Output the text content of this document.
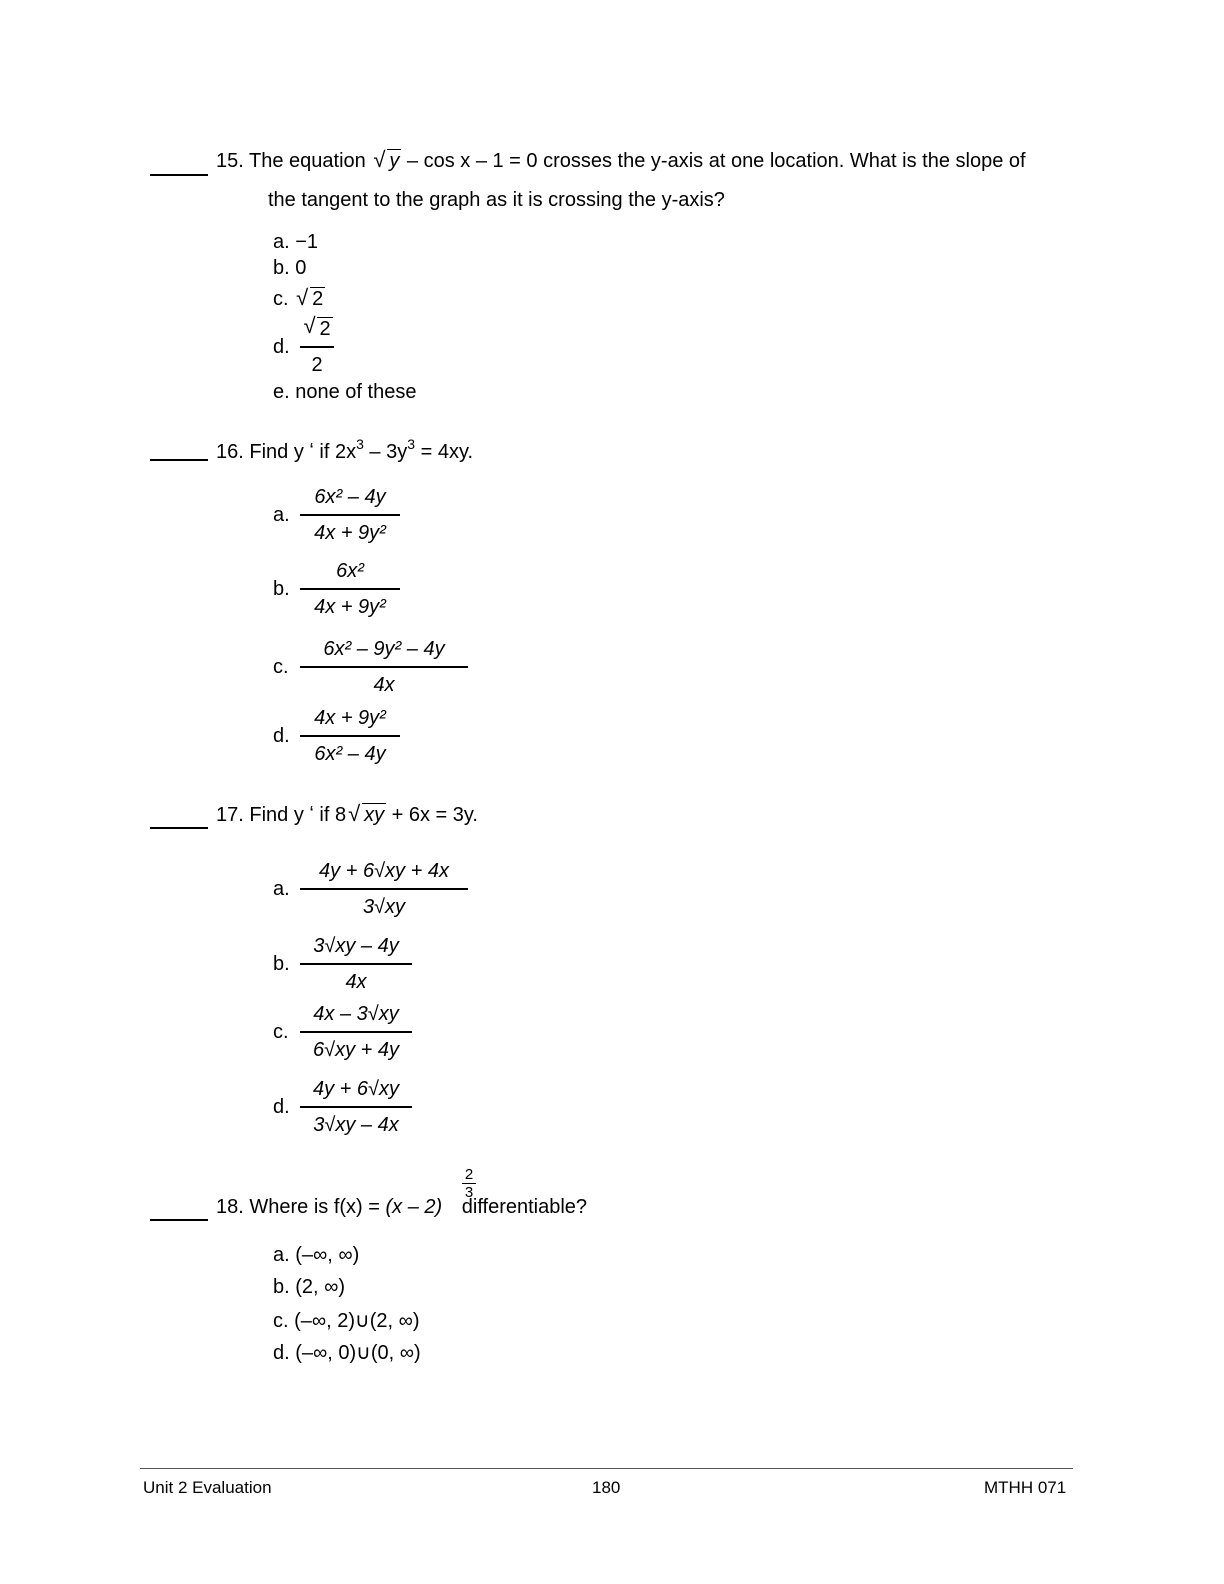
15. The equation √ y – cos x – 1 = 0 crosses the y-axis at one location. What is the slope of
the tangent to the graph as it is crossing the y-axis?
a. −1
b. 0
c. √ 2
d.
√ 2
2
e. none of these
16. Find y ʻ if $2x^3 - 3y^3 = 4xy$.
a.
6x² – 4y
4x + 9y²
b.
6x²
4x + 9y²
c.
6x² – 9y² – 4y
4x
d.
4x + 9y²
6x² – 4y
17. Find y ʻ if 8 √ xy + 6x = 3y.
a.
4y + 6√xy + 4x
3√xy
b.
3√xy – 4y
4x
c.
4x – 3√xy
6√xy + 4y
d.
4y + 6√xy
3√xy – 4x
18. Where is f(x) = (x – 2) differentiable?
2
3
a. (–∞, ∞)
b. (2, ∞)
c. (–∞, 2)∪(2, ∞)
d. (–∞, 0)∪(0, ∞)
Unit 2 Evaluation	180	MTHH 071
